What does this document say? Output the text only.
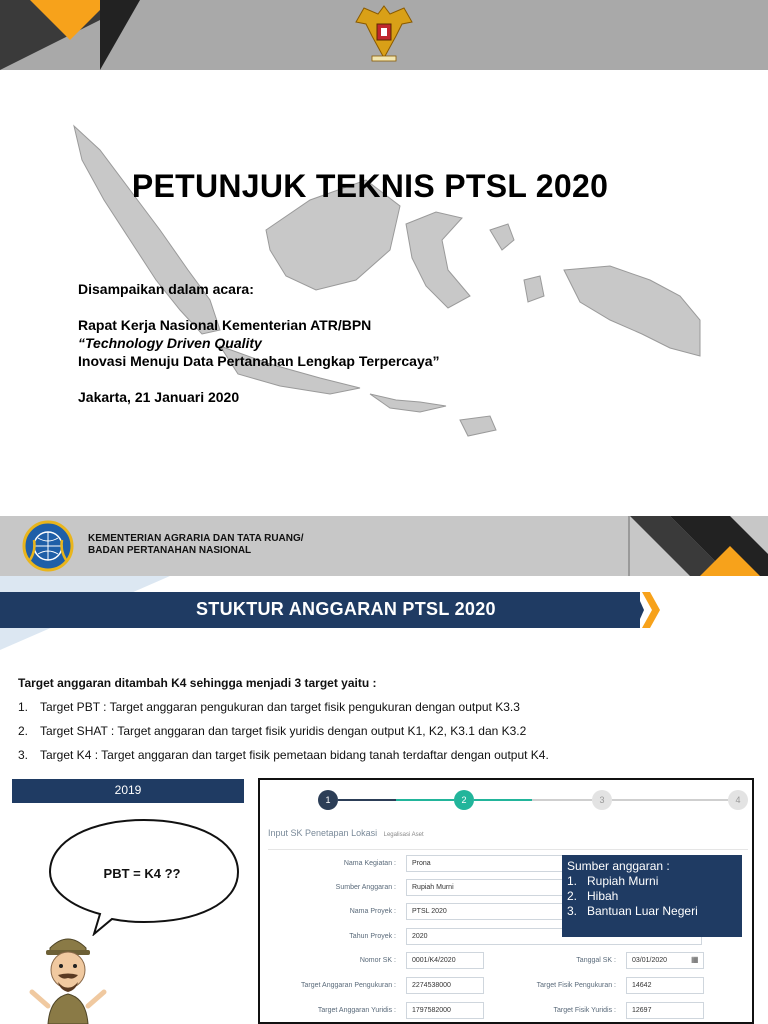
PETUNJUK TEKNIS PTSL 2020
Disampaikan dalam acara:
Rapat Kerja Nasional Kementerian ATR/BPN
“Technology Driven Quality
Inovasi Menuju Data Pertanahan Lengkap Terpercaya”
Jakarta, 21 Januari 2020
KEMENTERIAN AGRARIA DAN TATA RUANG/
BADAN PERTANAHAN NASIONAL
STUKTUR ANGGARAN PTSL 2020
Target anggaran ditambah K4 sehingga menjadi 3 target yaitu :
1. Target PBT : Target anggaran pengukuran dan target fisik pengukuran dengan output K3.3
2. Target SHAT : Target anggaran dan target fisik yuridis dengan output K1, K2, K3.1 dan K3.2
3. Target K4 : Target anggaran dan target fisik pemetaan bidang tanah terdaftar dengan output K4.
2019
PBT = K4 ??
1	2	3	4
Input SK Penetapan Lokasi Legalisasi Aset
Nama Kegiatan :	Prona
Sumber Anggaran :	Rupiah Murni
Nama Proyek :	PTSL 2020
Tahun Proyek :	2020
Nomor SK :	0001/K4/2020	Tanggal SK :	03/01/2020	▦
Target Anggaran Pengukuran :	2274538000	Target Fisik Pengukuran :	14642
Target Anggaran Yuridis :	1797582000	Target Fisik Yuridis :	12697
Sumber anggaran :
1. Rupiah Murni
2. Hibah
3. Bantuan Luar Negeri
